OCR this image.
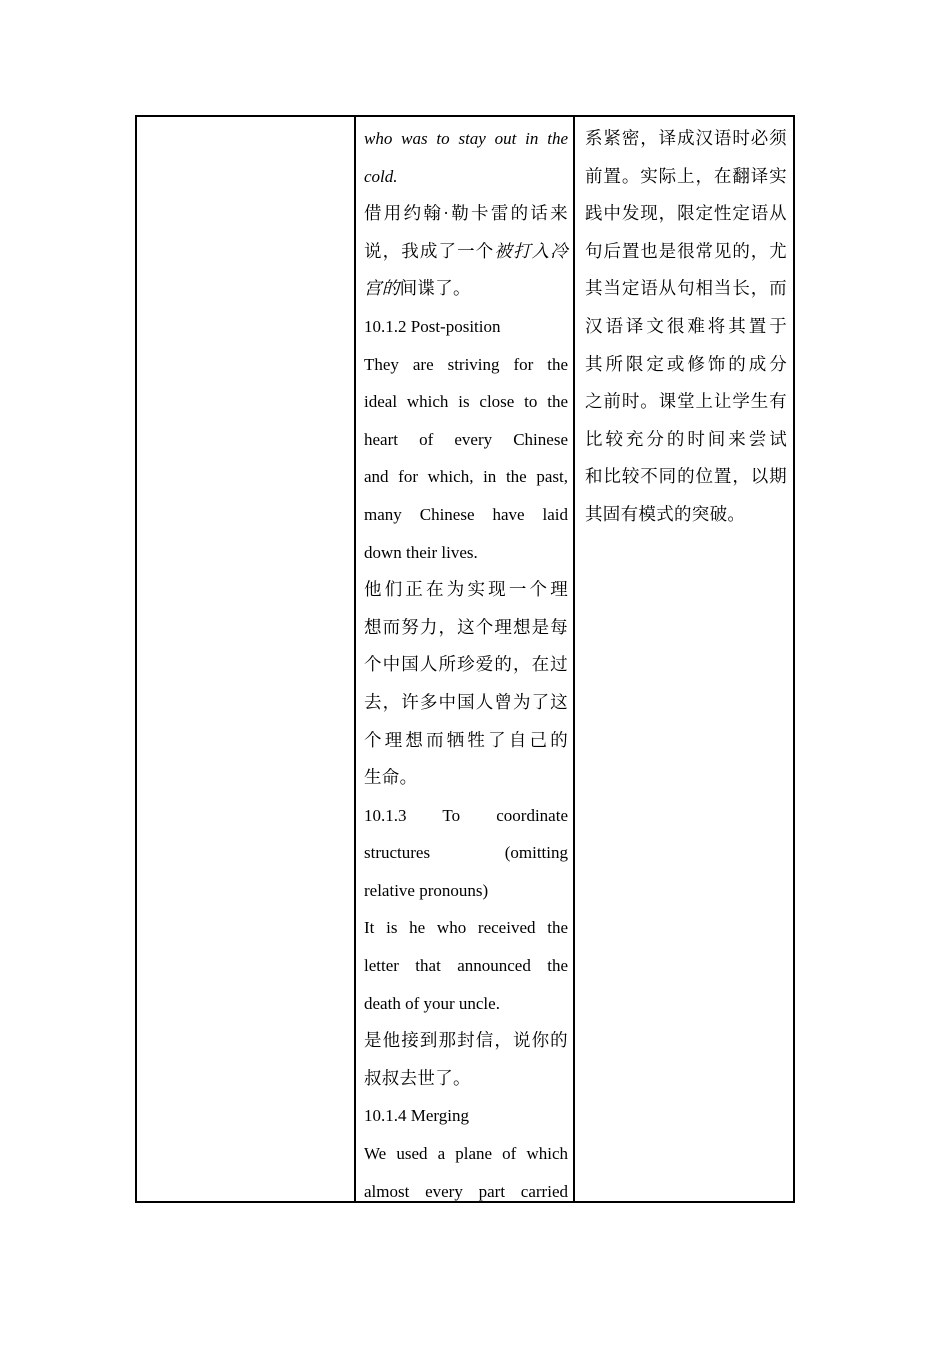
who was to stay out in the
cold.
借用约翰·勒卡雷的话来
说，我成了一个被打入冷
宫的间谍了。
10.1.2 Post-position
They are striving for the
ideal which is close to the
heart of every Chinese
and for which, in the past,
many Chinese have laid
down their lives.
他们正在为实现一个理
想而努力，这个理想是每
个中国人所珍爱的，在过
去，许多中国人曾为了这
个理想而牺牲了自己的
生命。
10.1.3 To coordinate
structures (omitting
relative pronouns)
It is he who received the
letter that announced the
death of your uncle.
是他接到那封信，说你的
叔叔去世了。
10.1.4 Merging
We used a plane of which
almost every part carried
系紧密，译成汉语时必须
前置。实际上，在翻译实
践中发现，限定性定语从
句后置也是很常见的，尤
其当定语从句相当长，而
汉语译文很难将其置于
其所限定或修饰的成分
之前时。课堂上让学生有
比较充分的时间来尝试
和比较不同的位置，以期
其固有模式的突破。
